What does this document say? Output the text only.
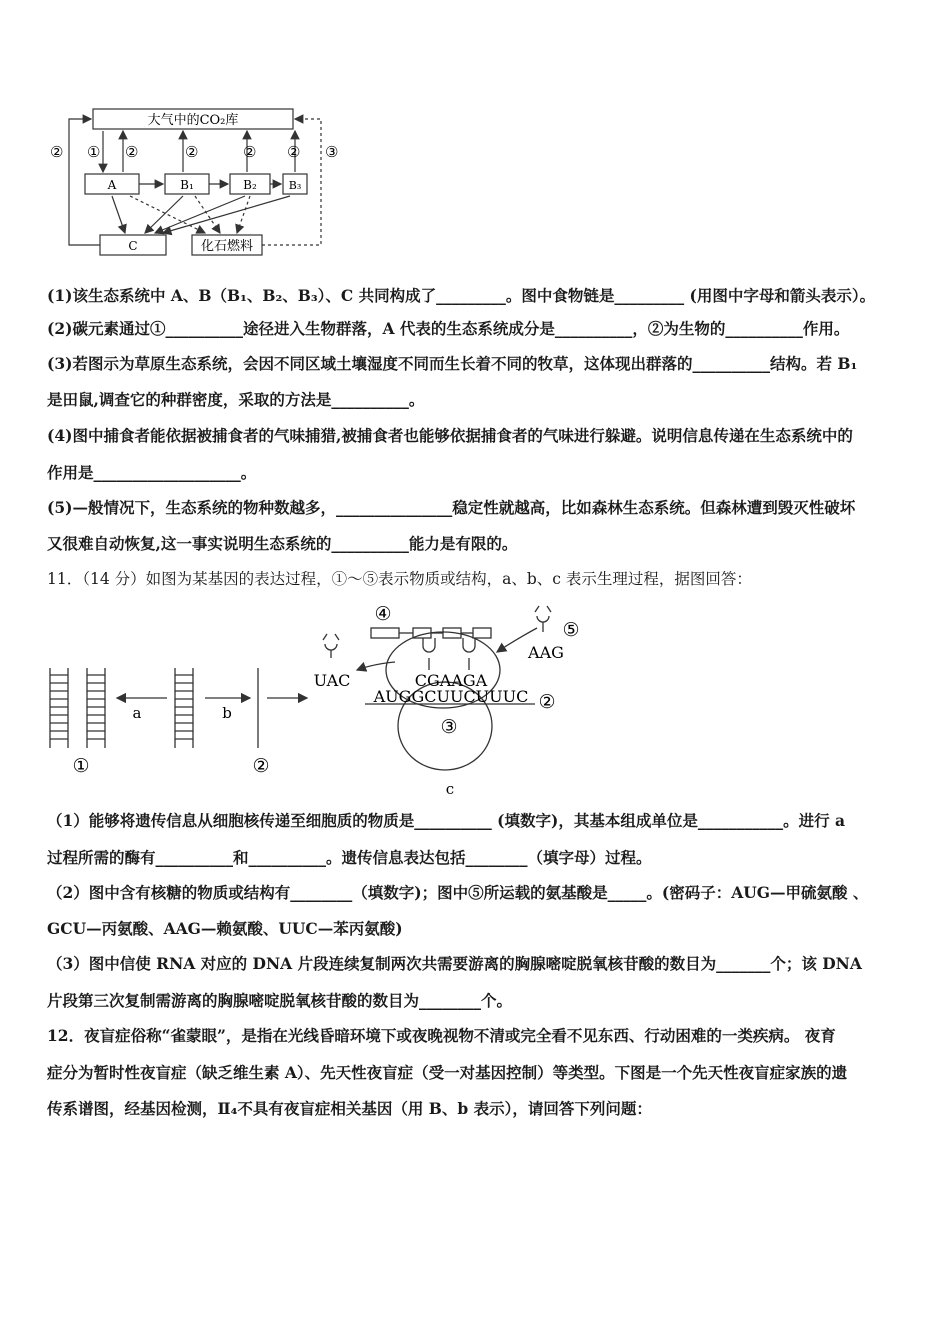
大气中的CO₂库
A	B₁	B₂	B₃
C	化石燃料
② ① ②	②	② ② ③
(1)该生态系统中 A、B（B₁、B₂、B₃）、C 共同构成了_________。图中食物链是_________ (用图中字母和箭头表示）。
(2)碳元素通过①__________途径进入生物群落，A 代表的生态系统成分是__________，②为生物的__________作用。
(3)若图示为草原生态系统，会因不同区域土壤湿度不同而生长着不同的牧草，这体现出群落的__________结构。若 B₁
是田鼠,调查它的种群密度，采取的方法是__________。
(4)图中捕食者能依据被捕食者的气味捕猎,被捕食者也能够依据捕食者的气味进行躲避。说明信息传递在生态系统中的
作用是___________________。
(5)—般情况下，生态系统的物种数越多，_______________稳定性就越高，比如森林生态系统。但森林遭到毁灭性破坏
又很难自动恢复,这一事实说明生态系统的__________能力是有限的。
11．（14 分）如图为某基因的表达过程，①～⑤表示物质或结构，a、b、c 表示生理过程，据图回答：
a	b
c
①	②
②
③
④
⑤
UAC
AAG
CGAAGA
AUGGCUUCUUUC
（1）能够将遗传信息从细胞核传递至细胞质的物质是__________ (填数字)，其基本组成单位是___________。进行 a
过程所需的酶有__________和__________。遗传信息表达包括________（填字母）过程。
（2）图中含有核糖的物质或结构有________（填数字)；图中⑤所运载的氨基酸是_____。(密码子：AUG—甲硫氨酸 、
GCU—丙氨酸、AAG—赖氨酸、UUC—苯丙氨酸)
（3）图中信使 RNA 对应的 DNA 片段连续复制两次共需要游离的胸腺嘧啶脱氧核苷酸的数目为_______个；该 DNA
片段第三次复制需游离的胸腺嘧啶脱氧核苷酸的数目为________个。
12．夜盲症俗称“雀蒙眼”，是指在光线昏暗环境下或夜晚视物不清或完全看不见东西、行动困难的一类疾病。 夜育
症分为暂时性夜盲症（缺乏维生素 A）、先天性夜盲症（受一对基因控制）等类型。下图是一个先天性夜盲症家族的遗
传系谱图，经基因检测，Ⅱ₄不具有夜盲症相关基因（用 B、b 表示），请回答下列问题：
